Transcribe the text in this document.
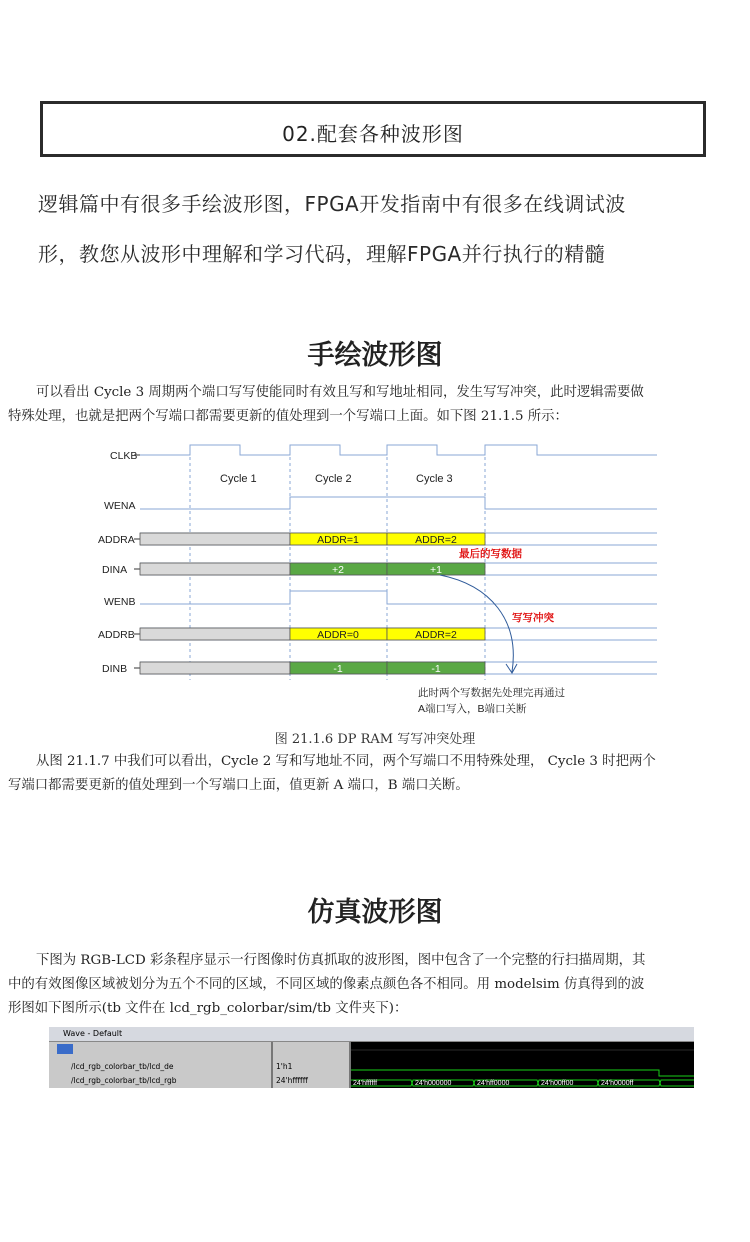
02.配套各种波形图
逻辑篇中有很多手绘波形图，FPGA开发指南中有很多在线调试波
形，教您从波形中理解和学习代码，理解FPGA并行执行的精髓
手绘波形图
可以看出 Cycle 3 周期两个端口写写使能同时有效且写和写地址相同，发生写写冲突，此时逻辑需要做
特殊处理，也就是把两个写端口都需要更新的值处理到一个写端口上面。如下图 21.1.5 所示：
CLKB
WENA
ADDRA
DINA
WENB
ADDRB
DINB
Cycle 1	Cycle 2	Cycle 3
ADDR=1	ADDR=2
ADDR=0	ADDR=2
+2	+1
-1	-1
最后的写数据
写写冲突
此时两个写数据先处理完再通过
A端口写入，B端口关断
图 21.1.6 DP RAM 写写冲突处理
从图 21.1.7 中我们可以看出，Cycle 2 写和写地址不同，两个写端口不用特殊处理， Cycle 3 时把两个
写端口都需要更新的值处理到一个写端口上面，值更新 A 端口，B 端口关断。
仿真波形图
下图为 RGB-LCD 彩条程序显示一行图像时仿真抓取的波形图，图中包含了一个完整的行扫描周期，其
中的有效图像区域被划分为五个不同的区域，不同区域的像素点颜色各不相同。用 modelsim 仿真得到的波
形图如下图所示(tb 文件在 lcd_rgb_colorbar/sim/tb 文件夹下)：
Wave - Default
/lcd_rgb_colorbar_tb/lcd_de
/lcd_rgb_colorbar_tb/lcd_rgb
1'h1
24'hffffff	24'hffffff	24'h000000	24'hff0000	24'h00ff00	24'h0000ff
